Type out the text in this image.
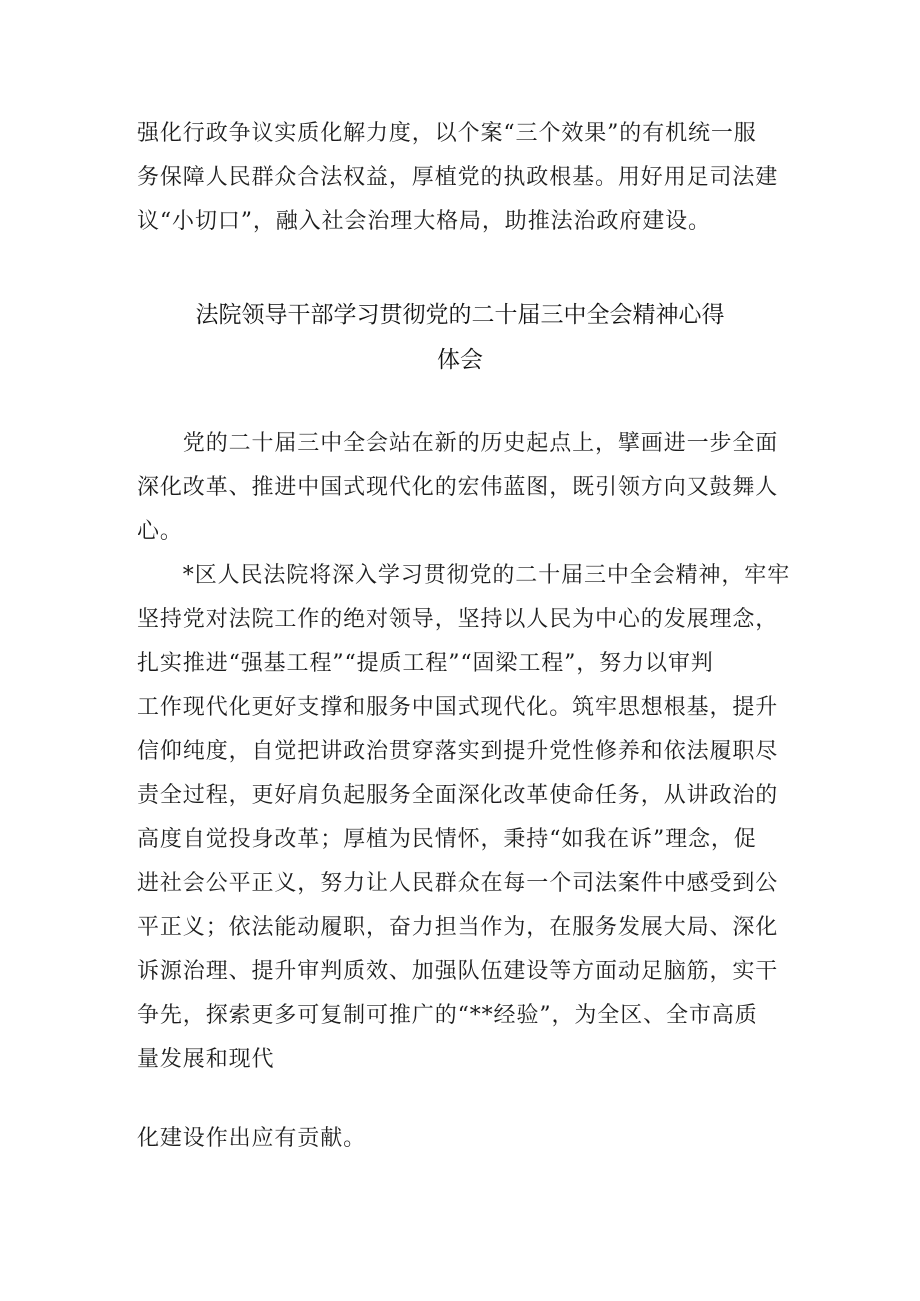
强化行政争议实质化解力度，以个案“三个效果”的有机统一服
务保障人民群众合法权益，厚植党的执政根基。用好用足司法建
议“小切口”，融入社会治理大格局，助推法治政府建设。
法院领导干部学习贯彻党的二十届三中全会精神心得
体会
　　党的二十届三中全会站在新的历史起点上，擘画进一步全面
深化改革、推进中国式现代化的宏伟蓝图，既引领方向又鼓舞人
心。
　　*区人民法院将深入学习贯彻党的二十届三中全会精神，牢牢
坚持党对法院工作的绝对领导，坚持以人民为中心的发展理念，
扎实推进“强基工程”“提质工程”“固梁工程”，努力以审判
工作现代化更好支撑和服务中国式现代化。筑牢思想根基，提升
信仰纯度，自觉把讲政治贯穿落实到提升党性修养和依法履职尽
责全过程，更好肩负起服务全面深化改革使命任务，从讲政治的
高度自觉投身改革；厚植为民情怀，秉持“如我在诉”理念，促
进社会公平正义，努力让人民群众在每一个司法案件中感受到公
平正义；依法能动履职，奋力担当作为，在服务发展大局、深化
诉源治理、提升审判质效、加强队伍建设等方面动足脑筋，实干
争先，探索更多可复制可推广的“**经验”，为全区、全市高质
量发展和现代
化建设作出应有贡献。
